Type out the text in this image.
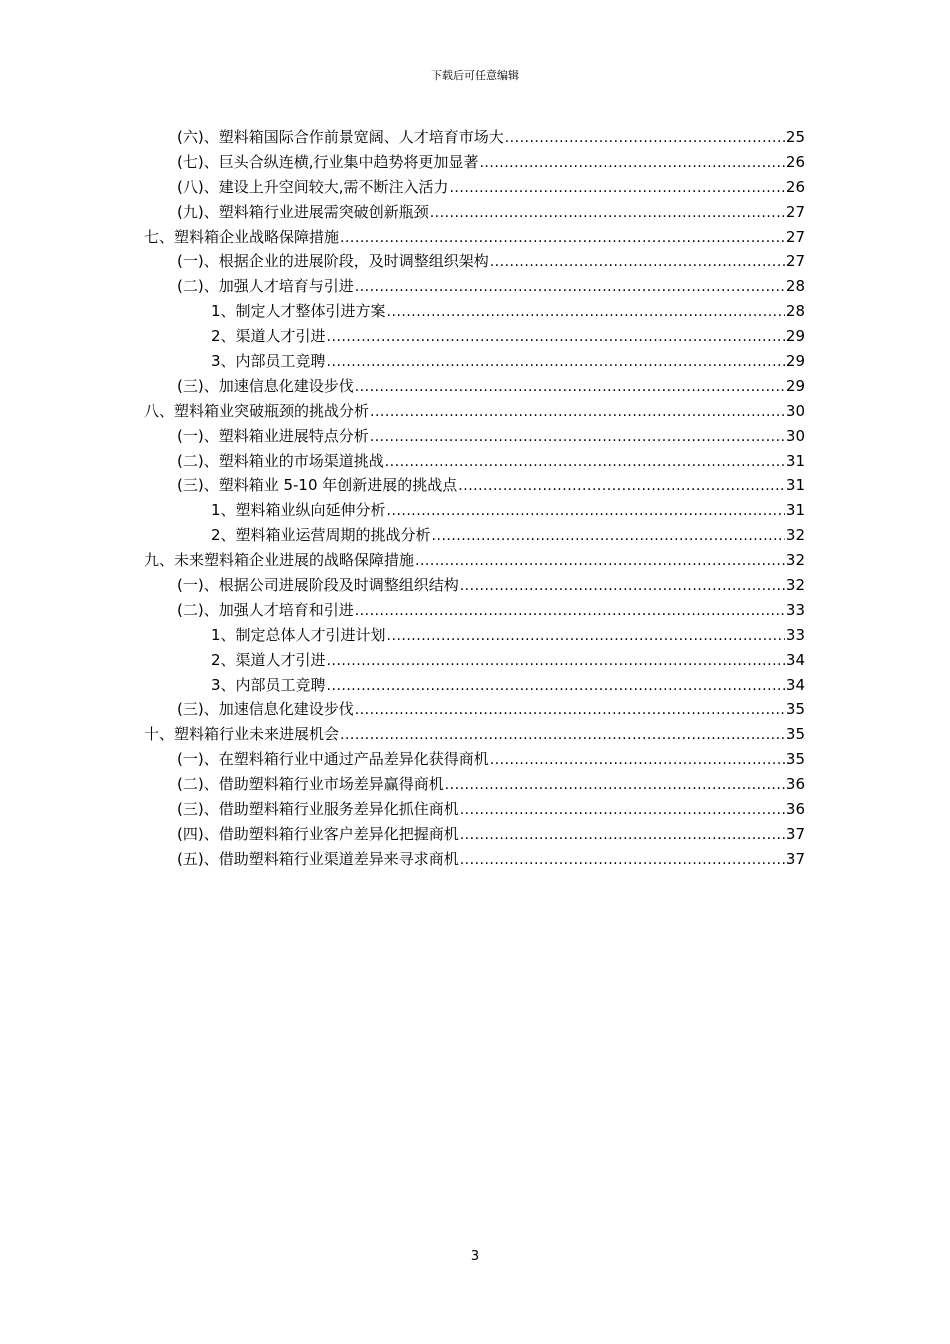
下载后可任意编辑
(六)、塑料箱国际合作前景宽阔、人才培育市场大 .....	25
(七)、巨头合纵连横,行业集中趋势将更加显著 .....	26
(八)、建设上升空间较大,需不断注入活力 .....	26
(九)、塑料箱行业进展需突破创新瓶颈 .....	27
七、塑料箱企业战略保障措施 .....	27
(一)、根据企业的进展阶段，及时调整组织架构 .....	27
(二)、加强人才培育与引进 .....	28
1、制定人才整体引进方案 .....	28
2、渠道人才引进 .....	29
3、内部员工竞聘 .....	29
(三)、加速信息化建设步伐 .....	29
八、塑料箱业突破瓶颈的挑战分析 .....	30
(一)、塑料箱业进展特点分析 .....	30
(二)、塑料箱业的市场渠道挑战 .....	31
(三)、塑料箱业 5-10 年创新进展的挑战点 .....	31
1、塑料箱业纵向延伸分析 .....	31
2、塑料箱业运营周期的挑战分析 .....	32
九、未来塑料箱企业进展的战略保障措施 .....	32
(一)、根据公司进展阶段及时调整组织结构 .....	32
(二)、加强人才培育和引进 .....	33
1、制定总体人才引进计划 .....	33
2、渠道人才引进 .....	34
3、内部员工竞聘 .....	34
(三)、加速信息化建设步伐 .....	35
十、塑料箱行业未来进展机会 .....	35
(一)、在塑料箱行业中通过产品差异化获得商机 .....	35
(二)、借助塑料箱行业市场差异赢得商机 .....	36
(三)、借助塑料箱行业服务差异化抓住商机 .....	36
(四)、借助塑料箱行业客户差异化把握商机 .....	37
(五)、借助塑料箱行业渠道差异来寻求商机 .....	37
3
